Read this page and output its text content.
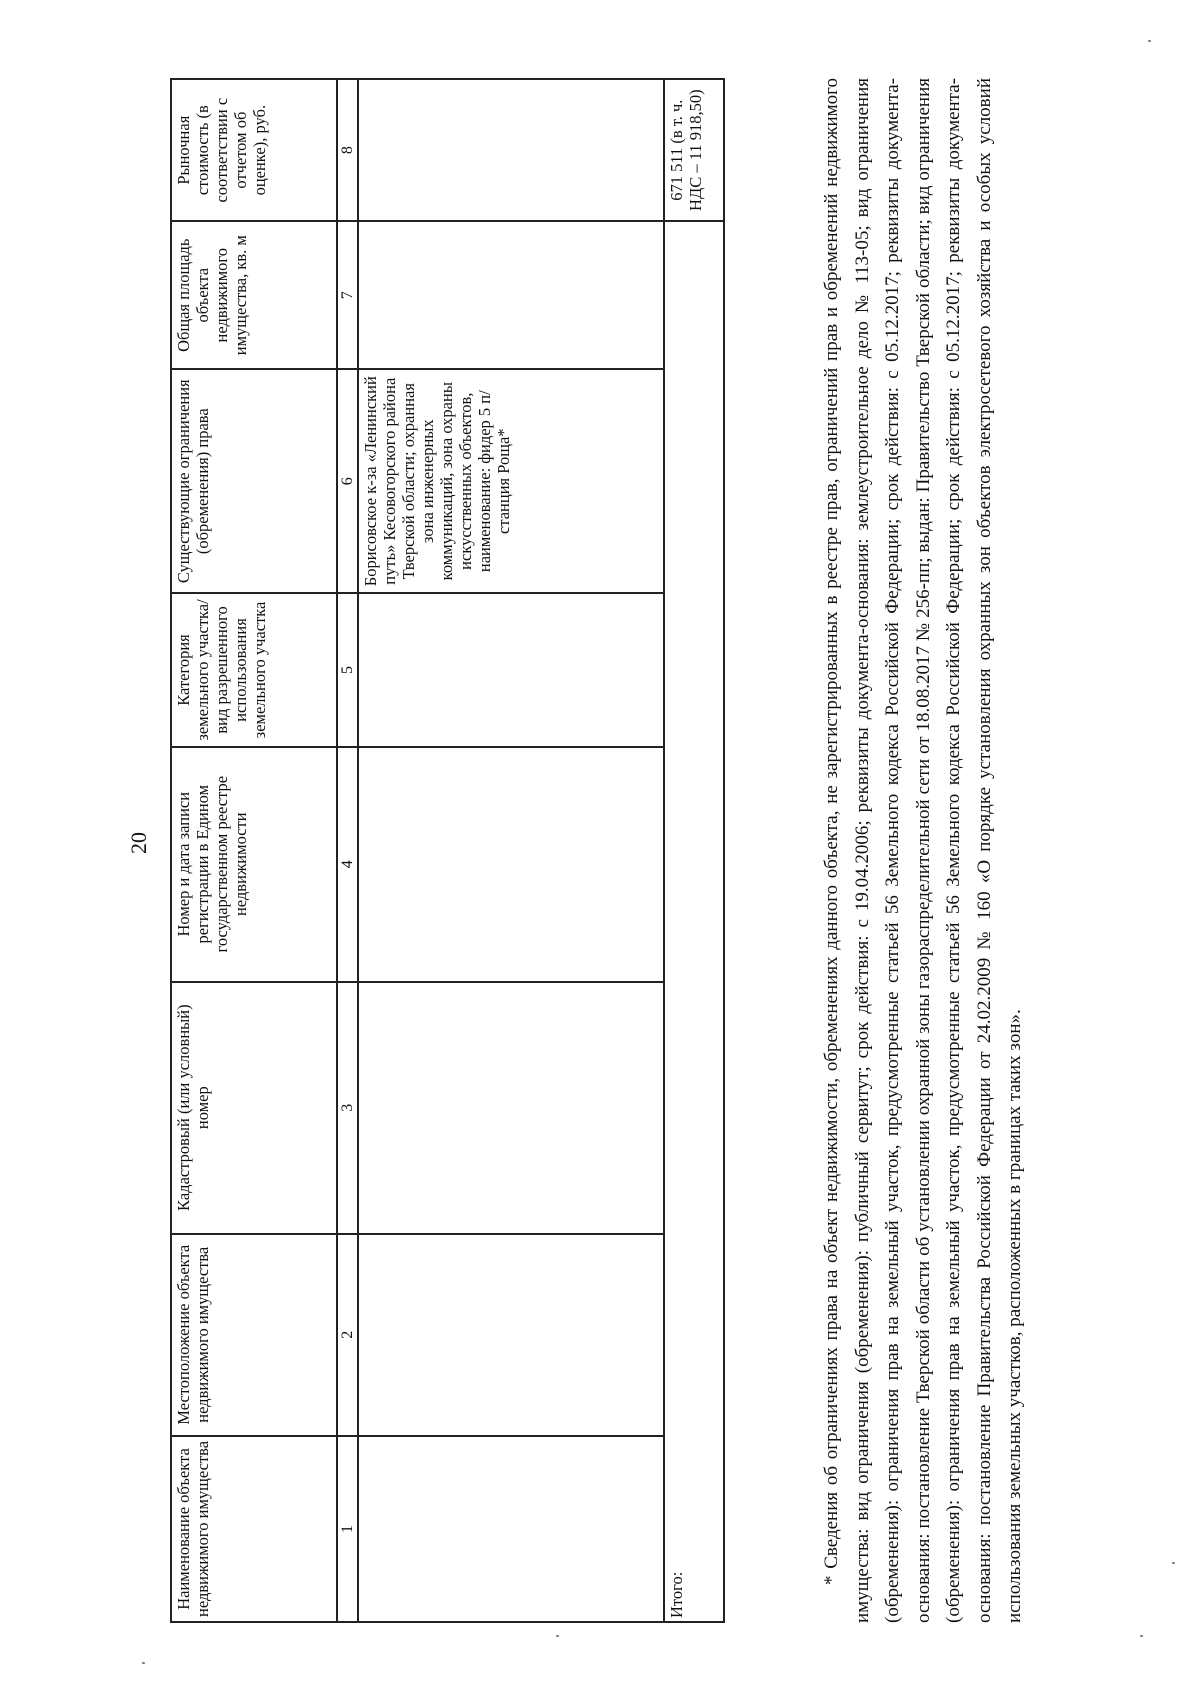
20
Наименование объекта недвижимого имущества	Местоположение объекта недвижимого имущества	Кадастровый (или условный) номер	Номер и дата записи регистрации в Едином государственном реестре недвижимости	Категория земельного участка/вид разрешенного использования земельного участка	Существующие ограничения (обременения) права	Общая площадь объекта недвижимого имущества, кв. м	Рыночная стоимость (в соответствии с отчетом об оценке), руб.
1	2	3	4	5	6	7	8
					Борисовское к-за «Ленинский путь» Кесовогорского района Тверской области; охранная зона инженерных коммуникаций, зона охраны искусственных объектов, наименование: фидер 5 п/станция Роща*		
Итого:							671 511 (в т. ч. НДС – 11 918,50)	* Сведения об ограничениях права на объект недвижимости, обременениях данного объекта, не зарегистрированных в реестре прав, ограничений прав и обременений недвижимого имущества: вид ограничения (обременения): публичный сервитут; срок действия: с 19.04.2006; реквизиты документа-основания: землеустроительное дело № 113-05; вид ограничения (обременения): ограничения прав на земельный участок, предусмотренные статьей 56 Земельного кодекса Российской Федерации; срок действия: с 05.12.2017; реквизиты документа-основания: постановление Тверской области об установлении охранной зоны газораспределительной сети от 18.08.2017 № 256-пп; выдан: Правительство Тверской области; вид ограничения (обременения): ограничения прав на земельный участок, предусмотренные статьей 56 Земельного кодекса Российской Федерации; срок действия: с 05.12.2017; реквизиты документа-основания: постановление Правительства Российской Федерации от 24.02.2009 № 160 «О порядке установления охранных зон объектов электросетевого хозяйства и особых условий использования земельных участков, расположенных в границах таких зон».
